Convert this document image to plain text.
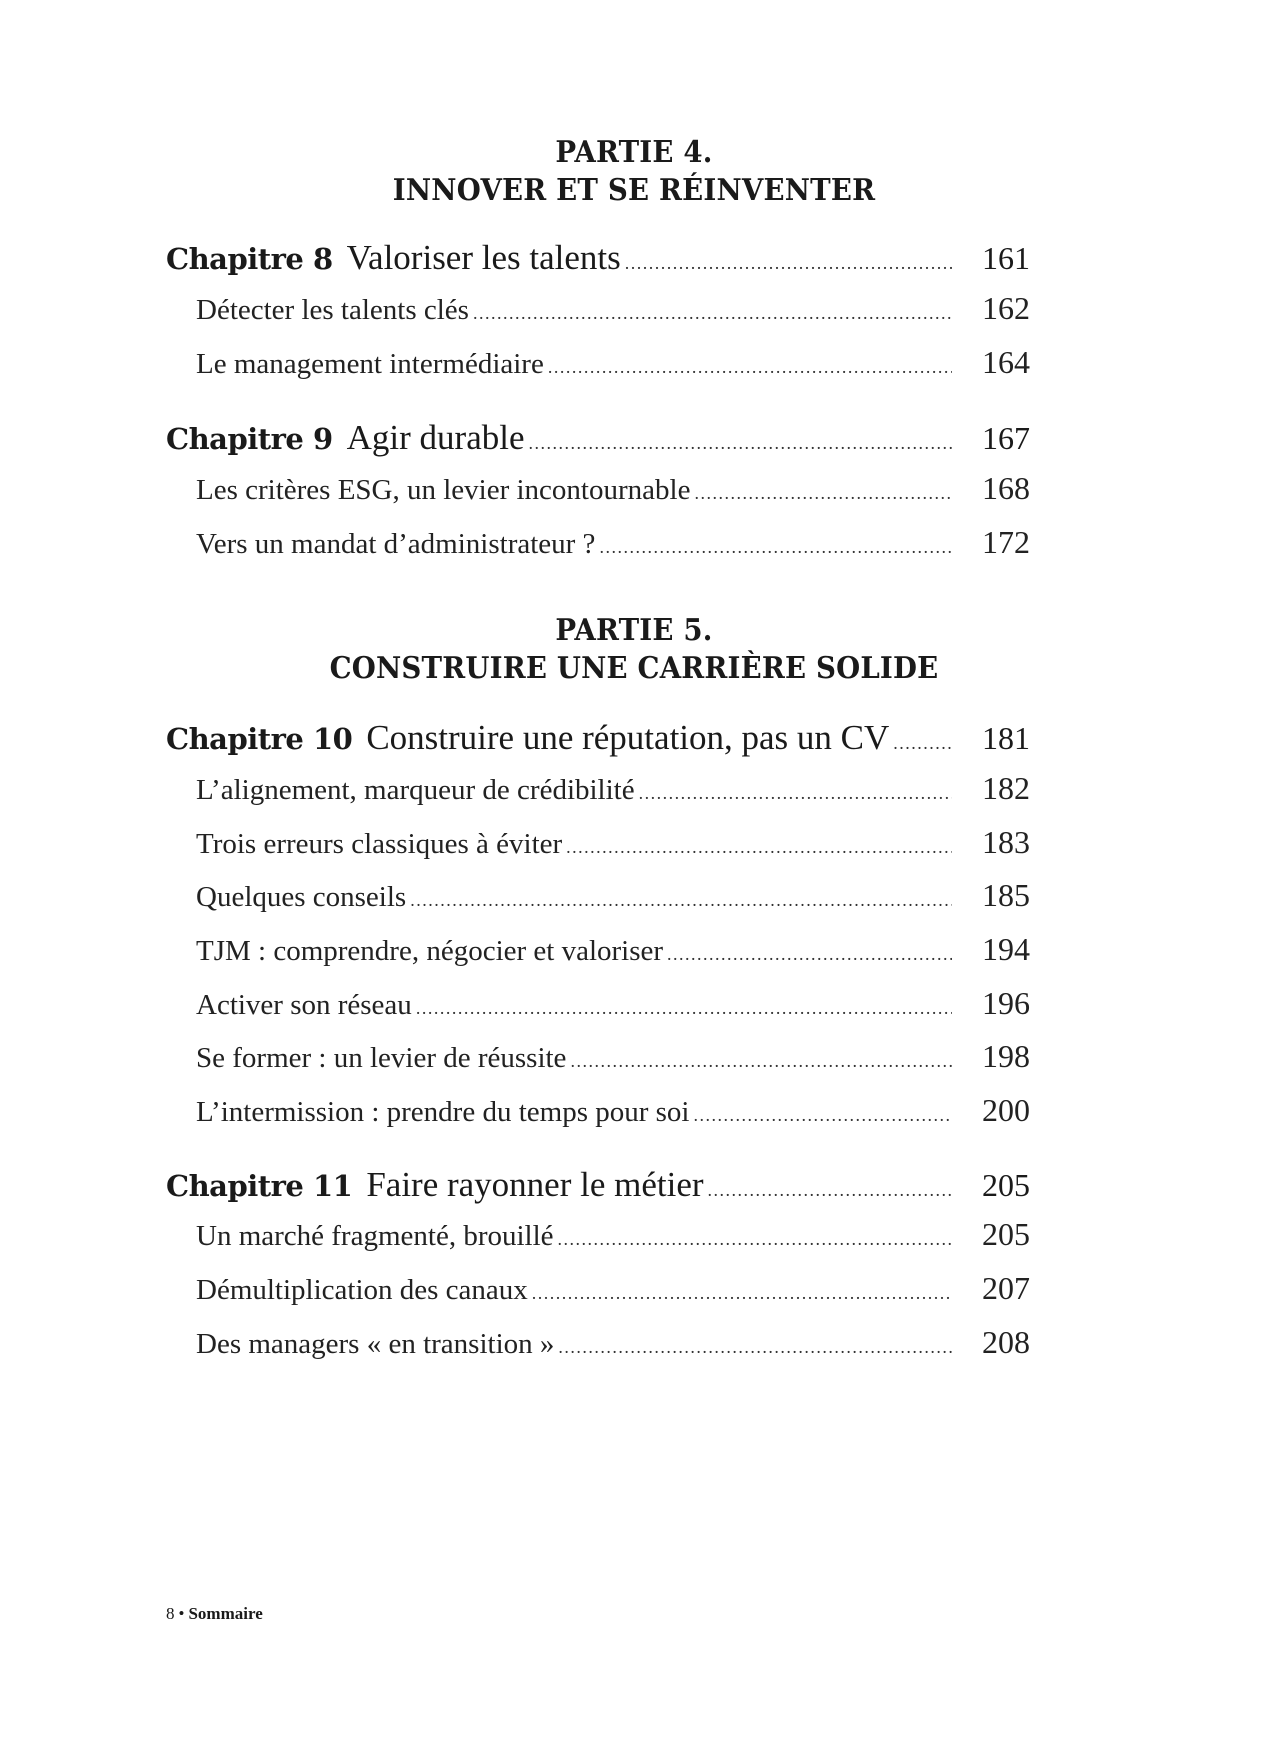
PARTIE 4.
INNOVER ET SE RÉINVENTER
Chapitre 8 Valoriser les talents .....	161
Détecter les talents clés .....	162
Le management intermédiaire .....	164
Chapitre 9 Agir durable .....	167
Les critères ESG, un levier incontournable .....	168
Vers un mandat d’administrateur ? .....	172
PARTIE 5.
CONSTRUIRE UNE CARRIÈRE SOLIDE
Chapitre 10 Construire une réputation, pas un CV .....	181
L’alignement, marqueur de crédibilité .....	182
Trois erreurs classiques à éviter .....	183
Quelques conseils .....	185
TJM : comprendre, négocier et valoriser .....	194
Activer son réseau .....	196
Se former : un levier de réussite .....	198
L’intermission : prendre du temps pour soi .....	200
Chapitre 11 Faire rayonner le métier .....	205
Un marché fragmenté, brouillé .....	205
Démultiplication des canaux .....	207
Des managers « en transition » .....	208
8 • Sommaire
